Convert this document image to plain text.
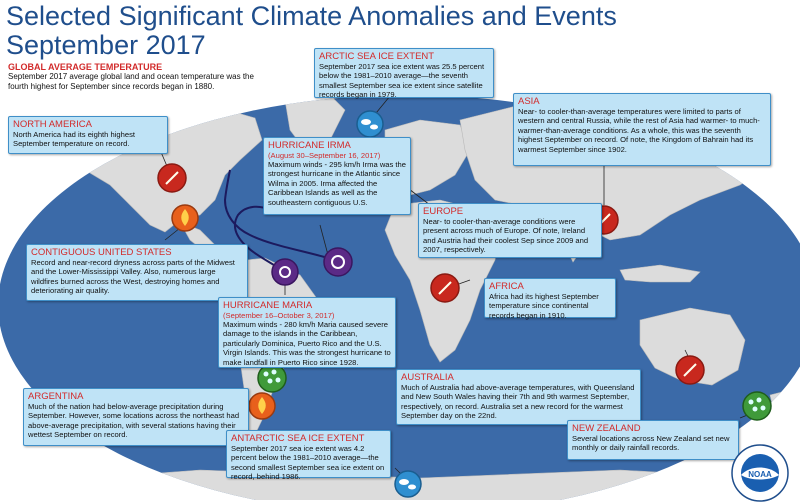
Selected Significant Climate Anomalies and Events
September 2017
GLOBAL AVERAGE TEMPERATURE
September 2017 average global land and ocean temperature was the fourth highest for September since records began in 1880.
ARCTIC SEA ICE EXTENT
September 2017 sea ice extent was 25.5 percent below the 1981–2010 average—the seventh smallest September sea ice extent since satellite records began in 1979.
ASIA
Near- to cooler-than-average temperatures were limited to parts of western and central Russia, while the rest of Asia had warmer- to much-warmer-than-average conditions. As a whole, this was the seventh highest September on record. Of note, the Kingdom of Bahrain had its warmest September since 1902.
NORTH AMERICA
North America had its eighth highest September temperature on record.	HURRICANE IRMA
(August 30–September 16, 2017)
Maximum winds - 295 km/h Irma was the strongest hurricane in the Atlantic since Wilma in 2005. Irma affected the Caribbean Islands as well as the southeastern contiguous U.S.
EUROPE
Near- to cooler-than-average conditions were present across much of Europe. Of note, Ireland and Austria had their coolest Sep since 2009 and 2007, respectively.
CONTIGUOUS UNITED STATES
Record and near-record dryness across parts of the Midwest and the Lower-Mississippi Valley. Also, numerous large wildfires burned across the West, destroying homes and deteriorating air quality.	AFRICA
Africa had its highest September temperature since continental records began in 1910.
HURRICANE MARIA
(September 16–October 3, 2017)
Maximum winds - 280 km/h Maria caused severe damage to the islands in the Caribbean, particularly Dominica, Puerto Rico and the U.S. Virgin Islands. This was the strongest hurricane to make landfall in Puerto Rico since 1928.
AUSTRALIA
Much of Australia had above-average temperatures, with Queensland and New South Wales having their 7th and 9th warmest September, respectively, on record. Australia set a new record for the warmest September day on the 22nd.
ARGENTINA
Much of the nation had below-average precipitation during September. However, some locations across the northeast had above-average precipitation, with several stations having their wettest September on record.
NEW ZEALAND
Several locations across New Zealand set new monthly or daily rainfall records.
ANTARCTIC SEA ICE EXTENT
September 2017 sea ice extent was 4.2 percent below the 1981–2010 average—the second smallest September sea ice extent on record, behind 1986.	NOAA
